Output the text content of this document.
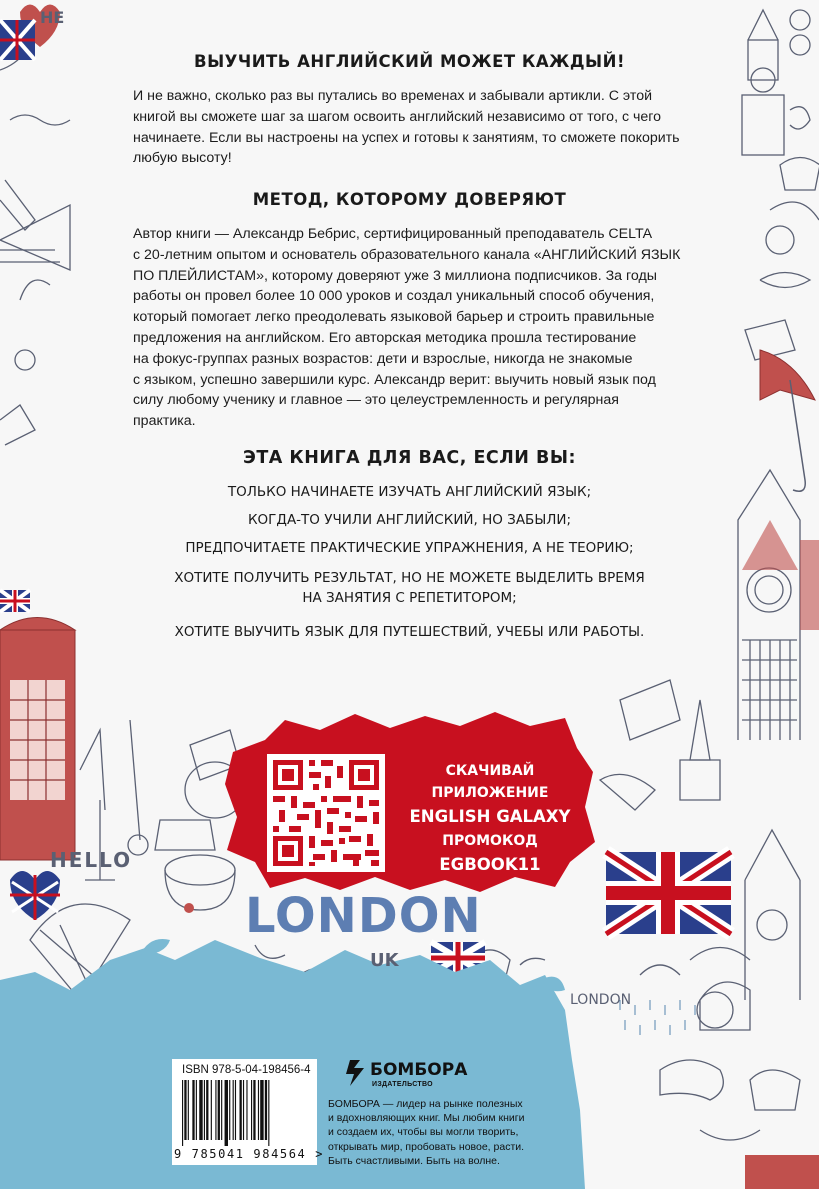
HELLO
LONDON
UK
LONDON
HE
ВЫУЧИТЬ АНГЛИЙСКИЙ МОЖЕТ КАЖДЫЙ!
И не важно, сколько раз вы путались во временах и забывали артикли. С этой
книгой вы сможете шаг за шагом освоить английский независимо от того, с чего
начинаете. Если вы настроены на успех и готовы к занятиям, то сможете покорить
любую высоту!
МЕТОД, КОТОРОМУ ДОВЕРЯЮТ
Автор книги — Александр Бебрис, сертифицированный преподаватель CELTA
с 20-летним опытом и основатель образовательного канала «АНГЛИЙСКИЙ ЯЗЫК
ПО ПЛЕЙЛИСТАМ», которому доверяют уже 3 миллиона подписчиков. За годы
работы он провел более 10 000 уроков и создал уникальный способ обучения,
который помогает легко преодолевать языковой барьер и строить правильные
предложения на английском. Его авторская методика прошла тестирование
на фокус-группах разных возрастов: дети и взрослые, никогда не знакомые
с языком, успешно завершили курс. Александр верит: выучить новый язык под
силу любому ученику и главное — это целеустремленность и регулярная
практика.
ЭТА КНИГА ДЛЯ ВАС, ЕСЛИ ВЫ:
ТОЛЬКО НАЧИНАЕТЕ ИЗУЧАТЬ АНГЛИЙСКИЙ ЯЗЫК;
КОГДА-ТО УЧИЛИ АНГЛИЙСКИЙ, НО ЗАБЫЛИ;
ПРЕДПОЧИТАЕТЕ ПРАКТИЧЕСКИЕ УПРАЖНЕНИЯ, А НЕ ТЕОРИЮ;
ХОТИТЕ ПОЛУЧИТЬ РЕЗУЛЬТАТ, НО НЕ МОЖЕТЕ ВЫДЕЛИТЬ ВРЕМЯ
НА ЗАНЯТИЯ С РЕПЕТИТОРОМ;
ХОТИТЕ ВЫУЧИТЬ ЯЗЫК ДЛЯ ПУТЕШЕСТВИЙ, УЧЕБЫ ИЛИ РАБОТЫ.
СКАЧИВАЙ
ПРИЛОЖЕНИЕ
ENGLISH GALAXY
ПРОМОКОД
EGBOOK11
ISBN 978-5-04-198456-4
9 785041 984564 >
БОМБОРА
ИЗДАТЕЛЬСТВО
БОМБОРА — лидер на рынке полезных
и вдохновляющих книг. Мы любим книги
и создаем их, чтобы вы могли творить,
открывать мир, пробовать новое, расти.
Быть счастливыми. Быть на волне.
